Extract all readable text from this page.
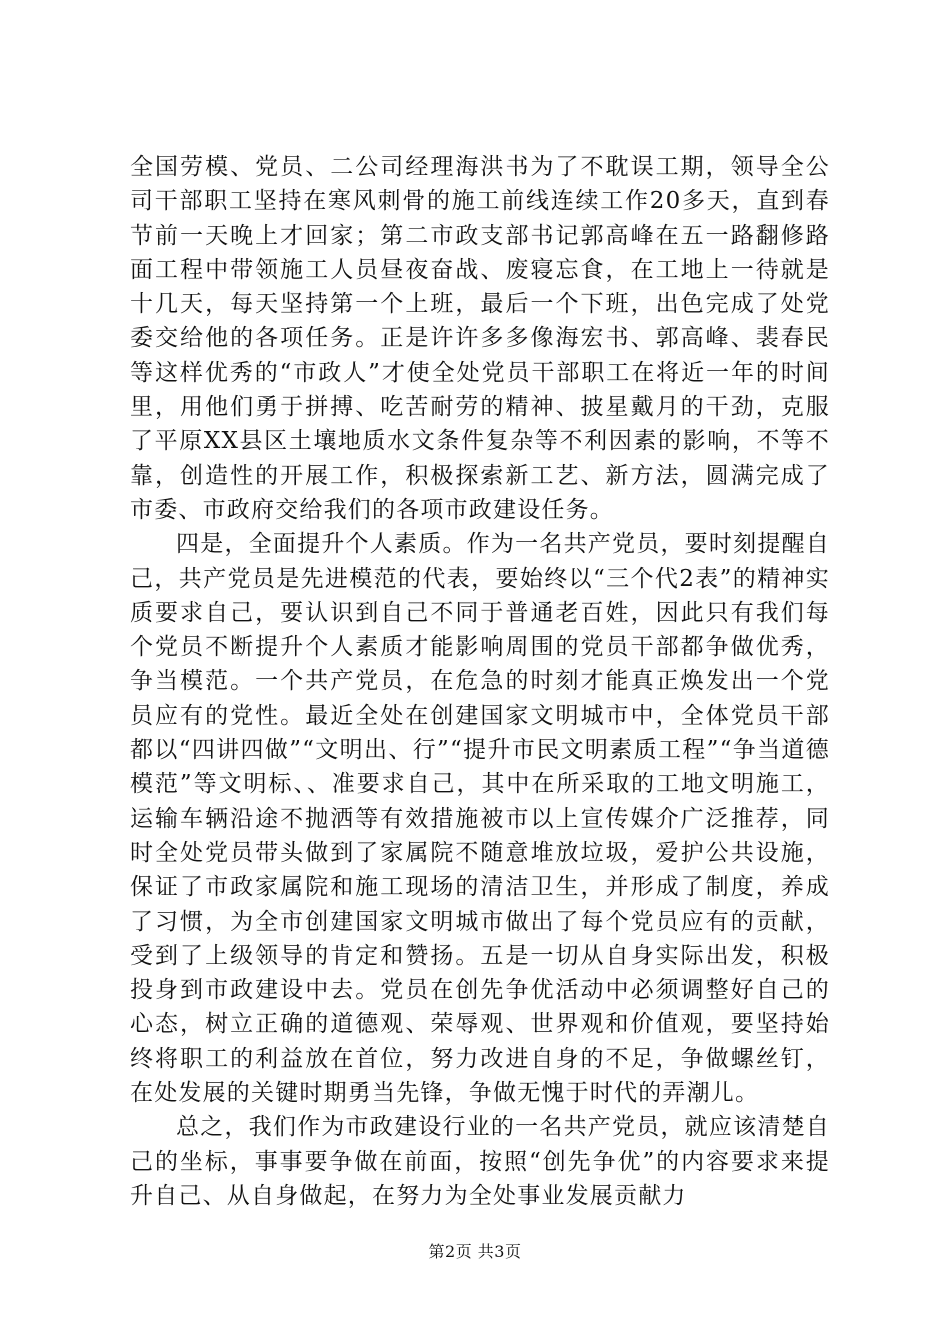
全国劳模、党员、二公司经理海洪书为了不耽误工期，领导全公司干部职工坚持在寒风刺骨的施工前线连续工作20多天，直到春节前一天晚上才回家；第二市政支部书记郭高峰在五一路翻修路面工程中带领施工人员昼夜奋战、废寝忘食，在工地上一待就是十几天，每天坚持第一个上班，最后一个下班，出色完成了处党委交给他的各项任务。正是许许多多像海宏书、郭高峰、裴春民等这样优秀的“市政人”才使全处党员干部职工在将近一年的时间里，用他们勇于拼搏、吃苦耐劳的精神、披星戴月的干劲，克服了平原XX县区土壤地质水文条件复杂等不利因素的影响，不等不靠，创造性的开展工作，积极探索新工艺、新方法，圆满完成了市委、市政府交给我们的各项市政建设任务。

四是，全面提升个人素质。作为一名共产党员，要时刻提醒自己，共产党员是先进模范的代表，要始终以“三个代2表”的精神实质要求自己，要认识到自己不同于普通老百姓，因此只有我们每个党员不断提升个人素质才能影响周围的党员干部都争做优秀，争当模范。一个共产党员，在危急的时刻才能真正焕发出一个党员应有的党性。最近全处在创建国家文明城市中，全体党员干部都以“四讲四做”“文明出、行”“提升市民文明素质工程”“争当道德模范”等文明标、、准要求自己，其中在所采取的工地文明施工，运输车辆沿途不抛洒等有效措施被市以上宣传媒介广泛推荐，同时全处党员带头做到了家属院不随意堆放垃圾，爱护公共设施，保证了市政家属院和施工现场的清洁卫生，并形成了制度，养成了习惯，为全市创建国家文明城市做出了每个党员应有的贡献，受到了上级领导的肯定和赞扬。五是一切从自身实际出发，积极投身到市政建设中去。党员在创先争优活动中必须调整好自己的心态，树立正确的道德观、荣辱观、世界观和价值观，要坚持始终将职工的利益放在首位，努力改进自身的不足，争做螺丝钉，在处发展的关键时期勇当先锋，争做无愧于时代的弄潮儿。

总之，我们作为市政建设行业的一名共产党员，就应该清楚自己的坐标，事事要争做在前面，按照“创先争优”的内容要求来提升自己、从自身做起，在努力为全处事业发展贡献力

第2页 共3页
